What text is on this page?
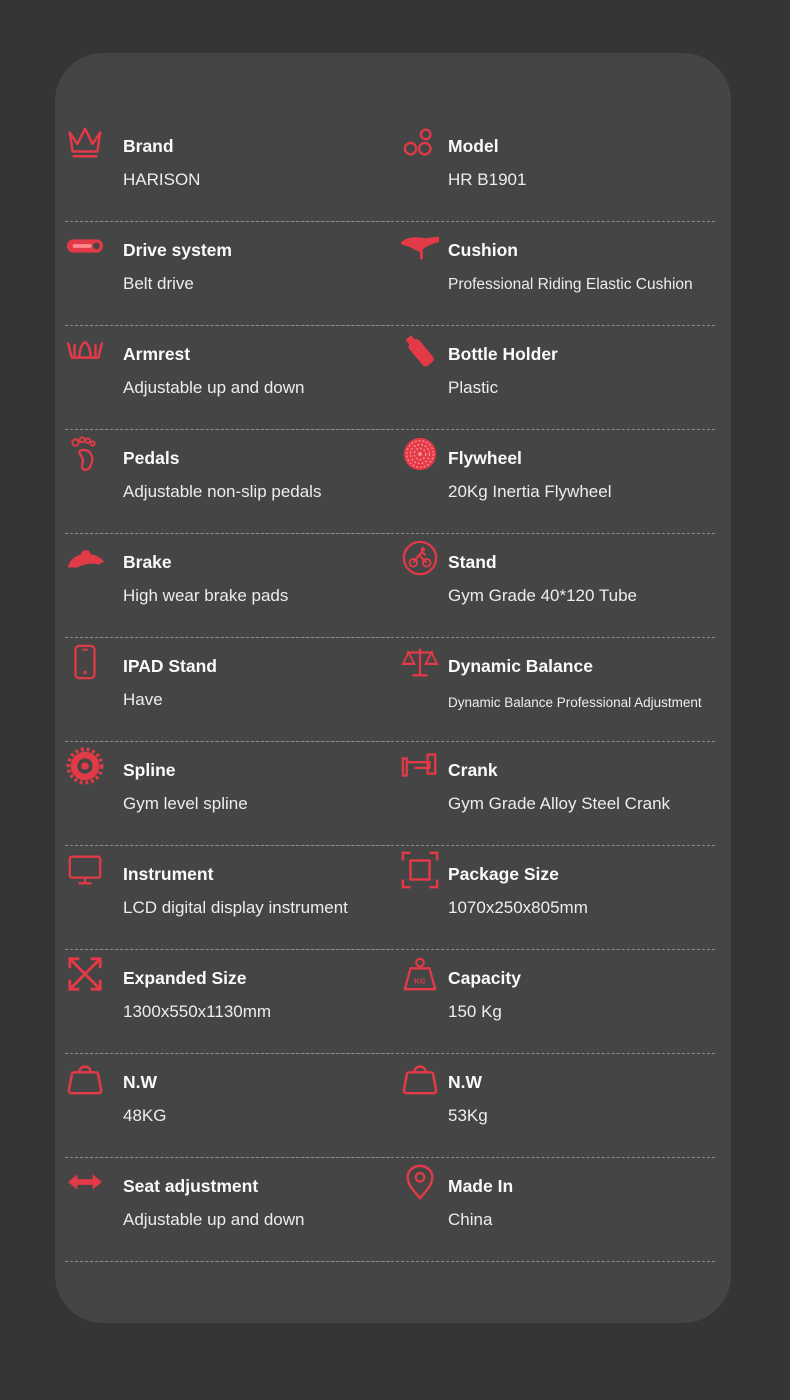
Brand
HARISON
Model
HR B1901
Drive system
Belt drive
Cushion
Professional Riding Elastic Cushion
Armrest
Adjustable up and down
Bottle Holder
Plastic
Pedals
Adjustable non-slip pedals
Flywheel
20Kg Inertia Flywheel
Brake
High wear brake pads
Stand
Gym Grade 40*120 Tube
IPAD Stand
Have
Dynamic Balance
Dynamic Balance Professional Adjustment
Spline
Gym level spline
Crank
Gym Grade Alloy Steel Crank
Instrument
LCD digital display instrument
Package Size
1070x250x805mm
Expanded Size
1300x550x1130mm
KG Capacity
150 Kg
N.W
48KG
N.W
53Kg
Seat adjustment
Adjustable up and down
Made In
China
